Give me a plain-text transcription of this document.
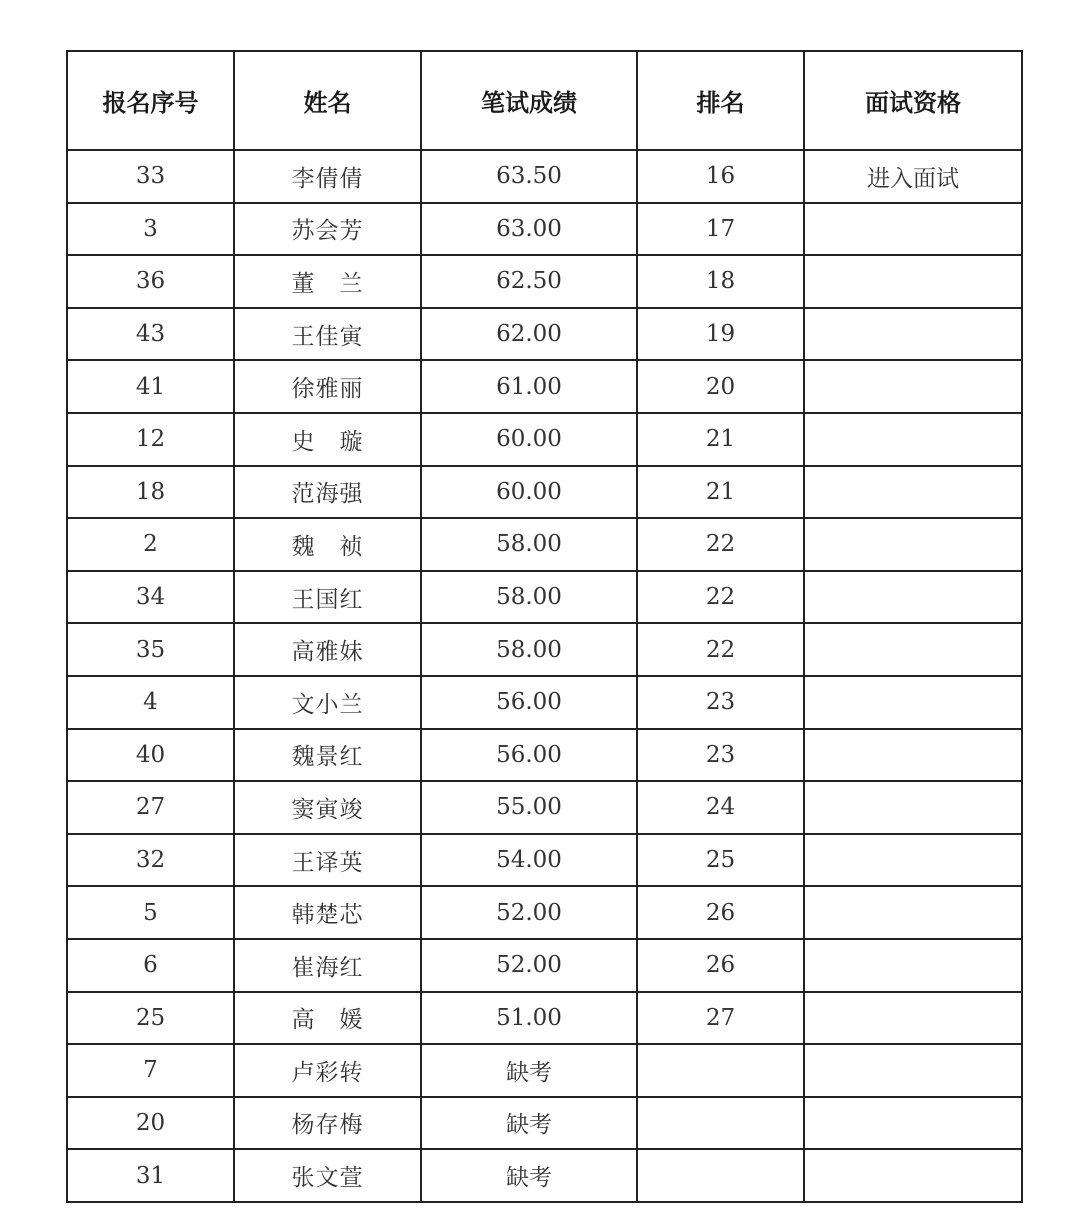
报名序号	姓名	笔试成绩	排名	面试资格
33	李倩倩	63.50	16	进入面试
3	苏会芳	63.00	17	
36	董　兰	62.50	18	
43	王佳寅	62.00	19	
41	徐雅丽	61.00	20	
12	史　璇	60.00	21	
18	范海强	60.00	21	
2	魏　祯	58.00	22	
34	王国红	58.00	22	
35	高雅妹	58.00	22	
4	文小兰	56.00	23	
40	魏景红	56.00	23	
27	窦寅竣	55.00	24	
32	王译英	54.00	25	
5	韩楚芯	52.00	26	
6	崔海红	52.00	26	
25	高　媛	51.00	27	
7	卢彩转	缺考		
20	杨存梅	缺考		
31	张文萱	缺考		
